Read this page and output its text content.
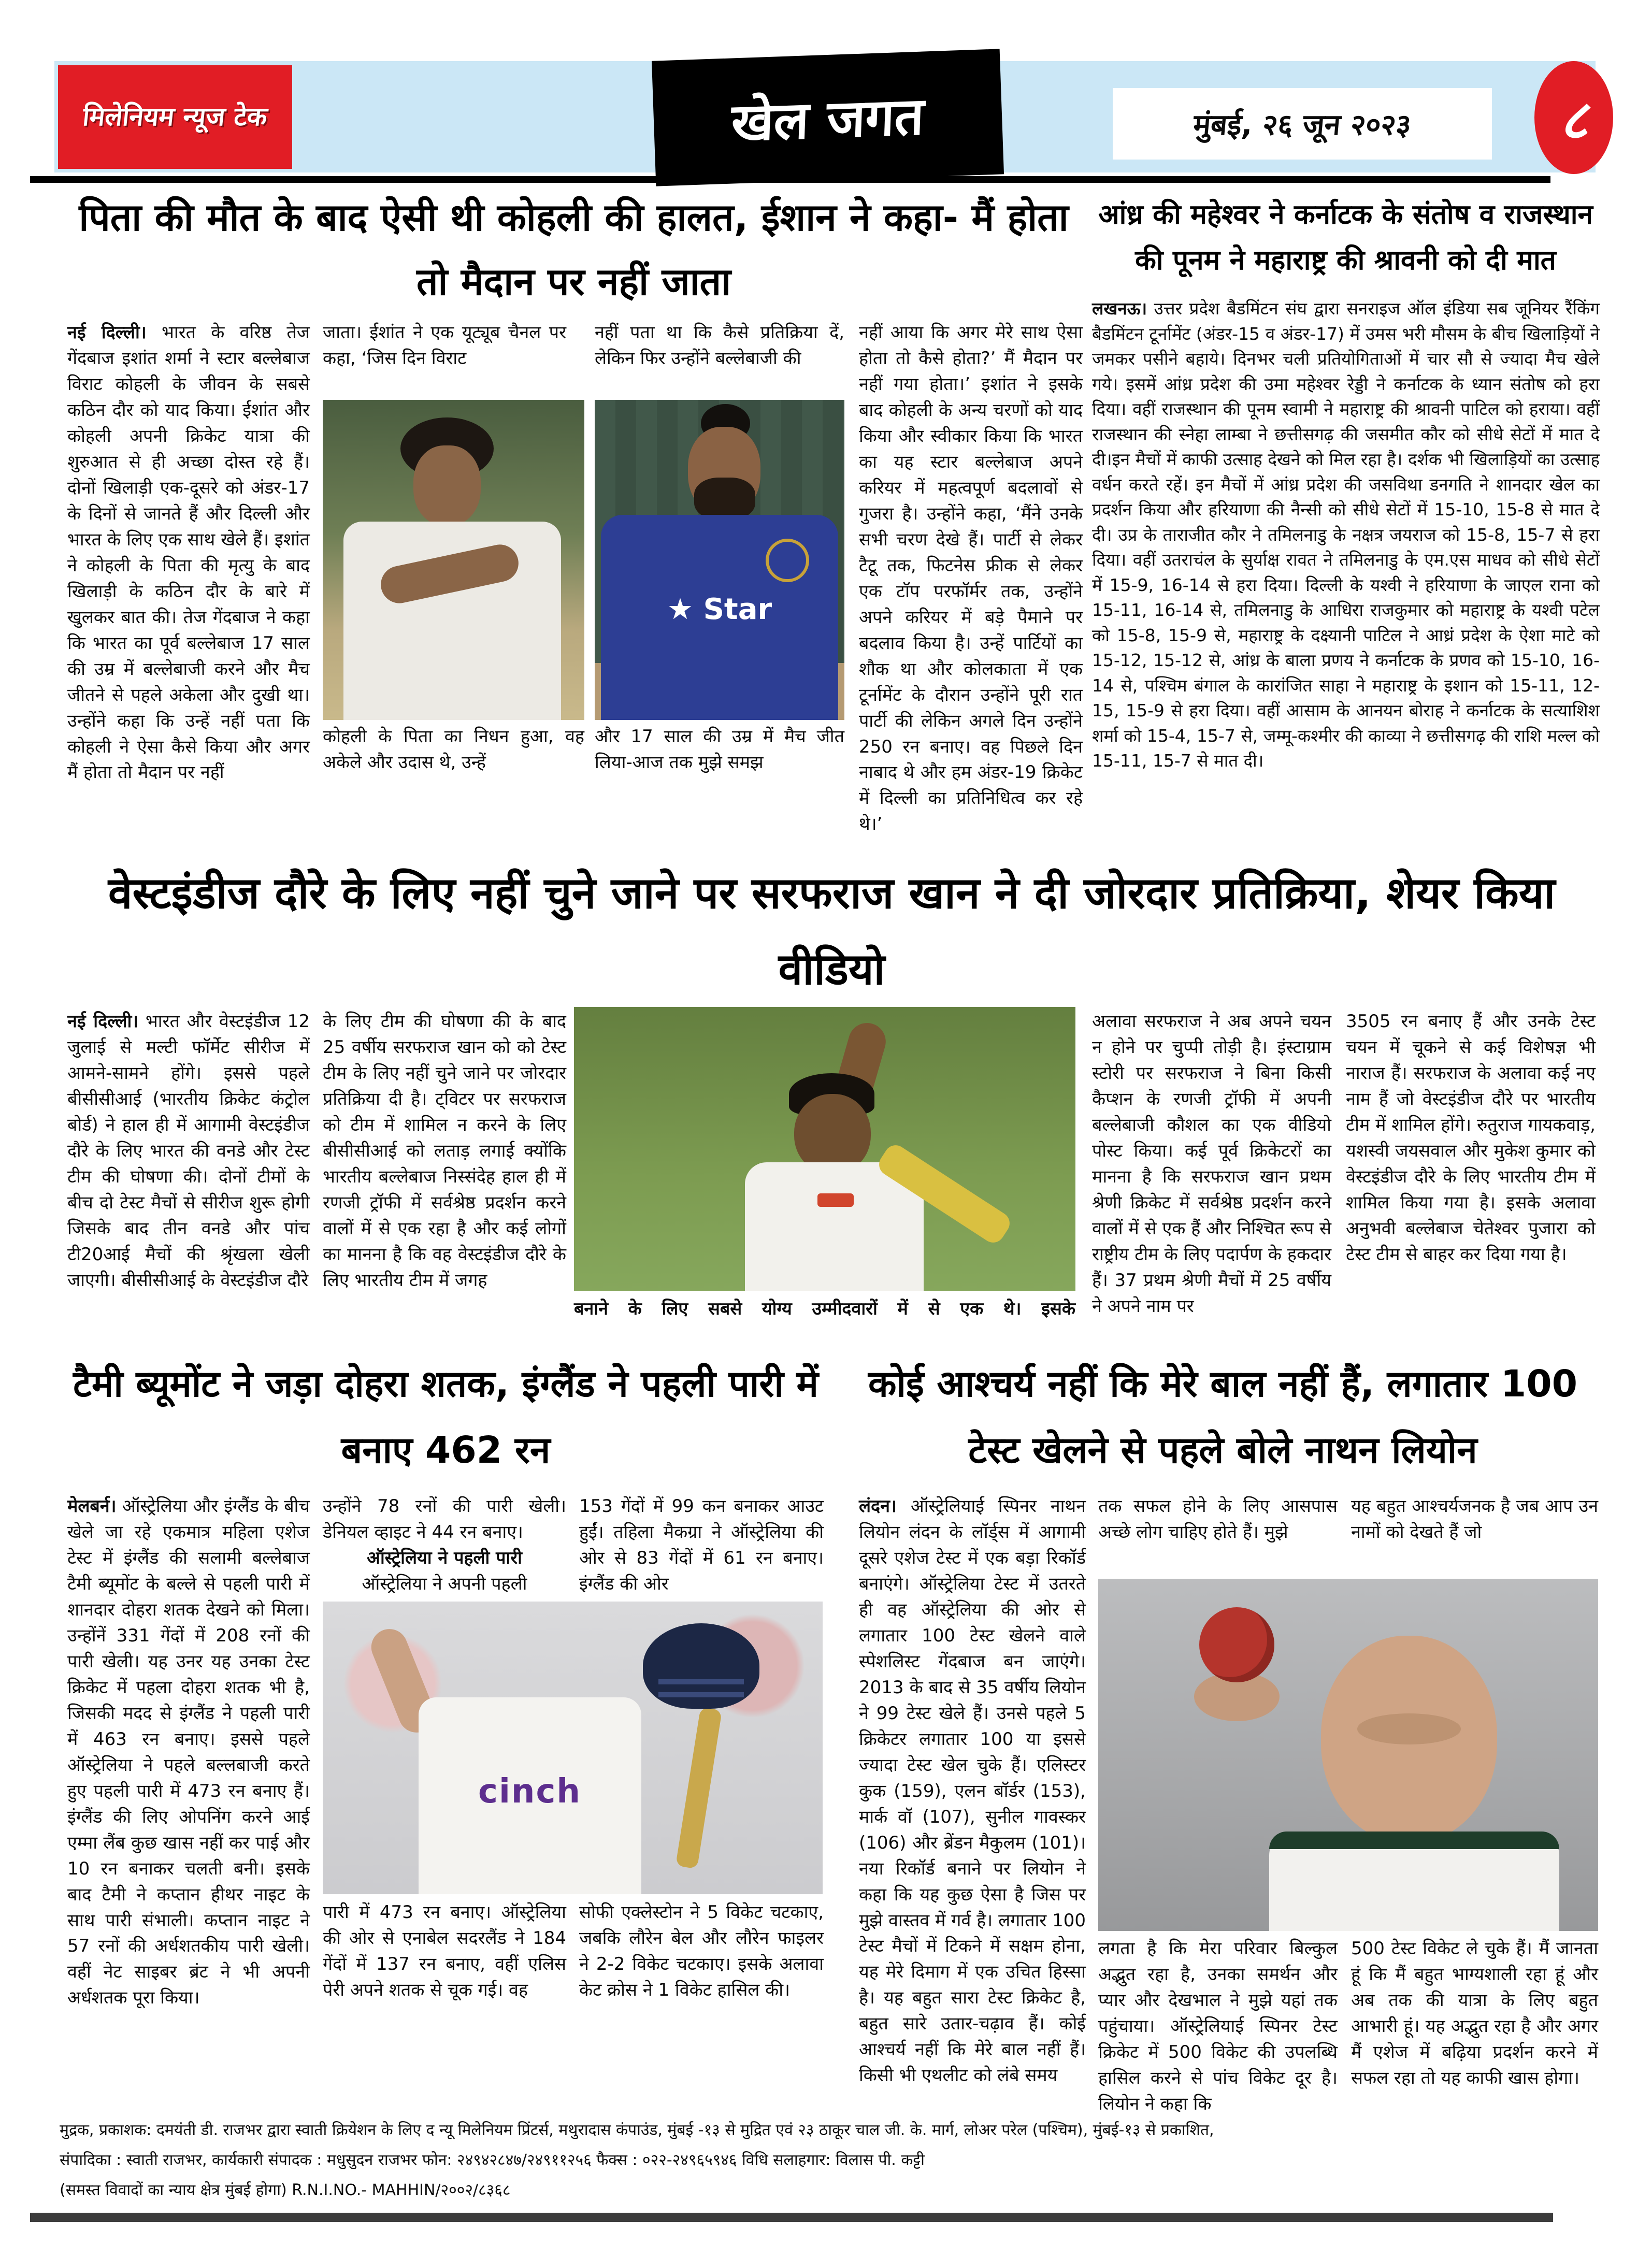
मिलेनियम न्यूज टेक	खेल जगत	मुंबई, २६ जून २०२३	८

पिता की मौत के बाद ऐसी थी कोहली की हालत, ईशान ने कहा- मैं होता तो मैदान पर नहीं जाता

नई दिल्ली। भारत के वरिष्ठ तेज गेंदबाज इशांत शर्मा ने स्टार बल्लेबाज विराट कोहली के जीवन के सबसे कठिन दौर को याद किया। ईशांत और कोहली अपनी क्रिकेट यात्रा की शुरुआत से ही अच्छा दोस्त रहे हैं। दोनों खिलाड़ी एक-दूसरे को अंडर-17 के दिनों से जानते हैं और दिल्ली और भारत के लिए एक साथ खेले हैं। इशांत ने कोहली के पिता की मृत्यु के बाद खिलाड़ी के कठिन दौर के बारे में खुलकर बात की। तेज गेंदबाज ने कहा कि भारत का पूर्व बल्लेबाज 17 साल की उम्र में बल्लेबाजी करने और मैच जीतने से पहले अकेला और दुखी था। उन्होंने कहा कि उन्हें नहीं पता कि कोहली ने ऐसा कैसे किया और अगर मैं होता तो मैदान पर नहीं

जाता। ईशांत ने एक यूट्यूब चैनल पर कहा, ‘जिस दिन विराट

कोहली के पिता का निधन हुआ, वह अकेले और उदास थे, उन्हें

नहीं पता था कि कैसे प्रतिक्रिया दें, लेकिन फिर उन्होंने बल्लेबाजी की

★ Star

और 17 साल की उम्र में मैच जीत लिया-आज तक मुझे समझ

नहीं आया कि अगर मेरे साथ ऐसा होता तो कैसे होता?’ मैं मैदान पर नहीं गया होता।’ इशांत ने इसके बाद कोहली के अन्य चरणों को याद किया और स्वीकार किया कि भारत का यह स्टार बल्लेबाज अपने करियर में महत्वपूर्ण बदलावों से गुजरा है। उन्होंने कहा, ‘मैंने उनके सभी चरण देखे हैं। पार्टी से लेकर टैटू तक, फिटनेस फ्रीक से लेकर एक टॉप परफॉर्मर तक, उन्होंने अपने करियर में बड़े पैमाने पर बदलाव किया है। उन्हें पार्टियों का शौक था और कोलकाता में एक टूर्नामेंट के दौरान उन्होंने पूरी रात पार्टी की लेकिन अगले दिन उन्होंने 250 रन बनाए। वह पिछले दिन नाबाद थे और हम अंडर-19 क्रिकेट में दिल्ली का प्रतिनिधित्व कर रहे थे।’

आंध्र की महेश्वर ने कर्नाटक के संतोष व राजस्थान की पूनम ने महाराष्ट्र की श्रावनी को दी मात

लखनऊ। उत्तर प्रदेश बैडमिंटन संघ द्वारा सनराइज ऑल इंडिया सब जूनियर रैंकिंग बैडमिंटन टूर्नामेंट (अंडर-15 व अंडर-17) में उमस भरी मौसम के बीच खिलाड़ियों ने जमकर पसीने बहाये। दिनभर चली प्रतियोगिताओं में चार सौ से ज्यादा मैच खेले गये। इसमें आंध्र प्रदेश की उमा महेश्वर रेड्डी ने कर्नाटक के ध्यान संतोष को हरा दिया। वहीं राजस्थान की पूनम स्वामी ने महाराष्ट्र की श्रावनी पाटिल को हराया। वहीं राजस्थान की स्नेहा लाम्बा ने छत्तीसगढ़ की जसमीत कौर को सीधे सेटों में मात दे दी।इन मैचों में काफी उत्साह देखने को मिल रहा है। दर्शक भी खिलाड़ियों का उत्साह वर्धन करते रहें। इन मैचों में आंध्र प्रदेश की जसविथा डनगति ने शानदार खेल का प्रदर्शन किया और हरियाणा की नैन्सी को सीधे सेटों में 15-10, 15-8 से मात दे दी। उप्र के ताराजीत कौर ने तमिलनाडु के नक्षत्र जयराज को 15-8, 15-7 से हरा दिया। वहीं उतराचंल के सुर्याक्ष रावत ने तमिलनाडु के एम.एस माधव को सीधे सेटों में 15-9, 16-14 से हरा दिया। दिल्ली के यश्वी ने हरियाणा के जाएल राना को 15-11, 16-14 से, तमिलनाडु के आधिरा राजकुमार को महाराष्ट्र के यश्वी पटेल को 15-8, 15-9 से, महाराष्ट्र के दक्ष्यानी पाटिल ने आध्रं प्रदेश के ऐशा माटे को 15-12, 15-12 से, आंध्र के बाला प्रणय ने कर्नाटक के प्रणव को 15-10, 16-14 से, पश्चिम बंगाल के कारांजित साहा ने महाराष्ट्र के इशान को 15-11, 12-15, 15-9 से हरा दिया। वहीं आसाम के आनयन बोराह ने कर्नाटक के सत्याशिश शर्मा को 15-4, 15-7 से, जम्मू-कश्मीर की काव्या ने छत्तीसगढ़ की राशि मल्ल को 15-11, 15-7 से मात दी।

वेस्टइंडीज दौरे के लिए नहीं चुने जाने पर सरफराज खान ने दी जोरदार प्रतिक्रिया, शेयर किया वीडियो

नई दिल्ली। भारत और वेस्टइंडीज 12 जुलाई से मल्टी फॉर्मेट सीरीज में आमने-सामने होंगे। इससे पहले बीसीसीआई (भारतीय क्रिकेट कंट्रोल बोर्ड) ने हाल ही में आगामी वेस्टइंडीज दौरे के लिए भारत की वनडे और टेस्ट टीम की घोषणा की। दोनों टीमों के बीच दो टेस्ट मैचों से सीरीज शुरू होगी जिसके बाद तीन वनडे और पांच टी20आई मैचों की श्रृंखला खेली जाएगी। बीसीसीआई के वेस्टइंडीज दौरे

के लिए टीम की घोषणा की के बाद 25 वर्षीय सरफराज खान को को टेस्ट टीम के लिए नहीं चुने जाने पर जोरदार प्रतिक्रिया दी है। ट्विटर पर सरफराज को टीम में शामिल न करने के लिए बीसीसीआई को लताड़ लगाई क्योंकि भारतीय बल्लेबाज निस्संदेह हाल ही में रणजी ट्रॉफी में सर्वश्रेष्ठ प्रदर्शन करने वालों में से एक रहा है और कई लोगों का मानना है कि वह वेस्टइंडीज दौरे के लिए भारतीय टीम में जगह

बनाने के लिए सबसे योग्य उम्मीदवारों में से एक थे। इसके

अलावा सरफराज ने अब अपने चयन न होने पर चुप्पी तोड़ी है। इंस्टाग्राम स्टोरी पर सरफराज ने बिना किसी कैप्शन के रणजी ट्रॉफी में अपनी बल्लेबाजी कौशल का एक वीडियो पोस्ट किया। कई पूर्व क्रिकेटरों का मानना है कि सरफराज खान प्रथम श्रेणी क्रिकेट में सर्वश्रेष्ठ प्रदर्शन करने वालों में से एक हैं और निश्चित रूप से राष्ट्रीय टीम के लिए पदार्पण के हकदार हैं। 37 प्रथम श्रेणी मैचों में 25 वर्षीय ने अपने नाम पर

3505 रन बनाए हैं और उनके टेस्ट चयन में चूकने से कई विशेषज्ञ भी नाराज हैं। सरफराज के अलावा कई नए नाम हैं जो वेस्टइंडीज दौरे पर भारतीय टीम में शामिल होंगे। रुतुराज गायकवाड़, यशस्वी जयसवाल और मुकेश कुमार को वेस्टइंडीज दौरे के लिए भारतीय टीम में शामिल किया गया है। इसके अलावा अनुभवी बल्लेबाज चेतेश्वर पुजारा को टेस्ट टीम से बाहर कर दिया गया है।

टैमी ब्यूमोंट ने जड़ा दोहरा शतक, इंग्लैंड ने पहली पारी में बनाए 462 रन

मेलबर्न। ऑस्ट्रेलिया और इंग्लैंड के बीच खेले जा रहे एकमात्र महिला एशेज टेस्ट में इंग्लैंड की सलामी बल्लेबाज टैमी ब्यूमोंट के बल्ले से पहली पारी में शानदार दोहरा शतक देखने को मिला। उन्होंनें 331 गेंदों में 208 रनों की पारी खेली। यह उनर यह उनका टेस्ट क्रिकेट में पहला दोहरा शतक भी है, जिसकी मदद से इंग्लैंड ने पहली पारी में 463 रन बनाए। इससे पहले ऑस्ट्रेलिया ने पहले बल्लबाजी करते हुए पहली पारी में 473 रन बनाए हैं।इंग्लैंड की लिए ओपनिंग करने आई एम्मा लैंब कुछ खास नहीं कर पाई और 10 रन बनाकर चलती बनी। इसके बाद टैमी ने कप्तान हीथर नाइट के साथ पारी संभाली। कप्तान नाइट ने 57 रनों की अर्धशतकीय पारी खेली। वहीं नेट साइबर ब्रंट ने भी अपनी अर्धशतक पूरा किया।

उन्होंने 78 रनों की पारी खेली। डेनियल व्हाइट ने 44 रन बनाए।

ऑस्ट्रेलिया ने पहली पारी

ऑस्ट्रेलिया ने अपनी पहली

cinch

पारी में 473 रन बनाए। ऑस्ट्रेलिया की ओर से एनाबेल सदरलैंड ने 184 गेंदों में 137 रन बनाए, वहीं एलिस पेरी अपने शतक से चूक गई। वह

153 गेंदों में 99 कन बनाकर आउट हुईं। तहिला मैकग्रा ने ऑस्ट्रेलिया की ओर से 83 गेंदों में 61 रन बनाए। इंग्लैंड की ओर

सोफी एक्लेस्टोन ने 5 विकेट चटकाए, जबकि लौरेन बेल और लौरेन फाइलर ने 2-2 विकेट चटकाए। इसके अलावा केट क्रोस ने 1 विकेट हासिल की।

कोई आश्चर्य नहीं कि मेरे बाल नहीं हैं, लगातार 100 टेस्ट खेलने से पहले बोले नाथन लियोन

लंदन। ऑस्ट्रेलियाई स्पिनर नाथन लियोन लंदन के लॉर्ड्स में आगामी दूसरे एशेज टेस्ट में एक बड़ा रिकॉर्ड बनाएंगे। ऑस्ट्रेलिया टेस्ट में उतरते ही वह ऑस्ट्रेलिया की ओर से लगातार 100 टेस्ट खेलने वाले स्पेशलिस्ट गेंदबाज बन जाएंगे। 2013 के बाद से 35 वर्षीय लियोन ने 99 टेस्ट खेले हैं। उनसे पहले 5 क्रिकेटर लगातार 100 या इससे ज्यादा टेस्ट खेल चुके हैं। एलिस्टर कुक (159), एलन बॉर्डर (153), मार्क वॉ (107), सुनील गावस्कर (106) और ब्रेंडन मैकुलम (101)। नया रिकॉर्ड बनाने पर लियोन ने कहा कि यह कुछ ऐसा है जिस पर मुझे वास्तव में गर्व है। लगातार 100 टेस्ट मैचों में टिकने में सक्षम होना, यह मेरे दिमाग में एक उचित हिस्सा है। यह बहुत सारा टेस्ट क्रिकेट है, बहुत सारे उतार-चढ़ाव हैं। कोई आश्चर्य नहीं कि मेरे बाल नहीं हैं। किसी भी एथलीट को लंबे समय

तक सफल होने के लिए आसपास अच्छे लोग चाहिए होते हैं। मुझे

लगता है कि मेरा परिवार बिल्कुल अद्भुत रहा है, उनका समर्थन और प्यार और देखभाल ने मुझे यहां तक पहुंचाया। ऑस्ट्रेलियाई स्पिनर टेस्ट क्रिकेट में 500 विकेट की उपलब्धि हासिल करने से पांच विकेट दूर है। लियोन ने कहा कि

यह बहुत आश्चर्यजनक है जब आप उन नामों को देखते हैं जो

500 टेस्ट विकेट ले चुके हैं। मैं जानता हूं कि मैं बहुत भाग्यशाली रहा हूं और अब तक की यात्रा के लिए बहुत आभारी हूं। यह अद्भुत रहा है और अगर मैं एशेज में बढ़िया प्रदर्शन करने में सफल रहा तो यह काफी खास होगा।

मुद्रक, प्रकाशक: दमयंती डी. राजभर द्वारा स्वाती क्रियेशन के लिए द न्यू मिलेनियम प्रिंटर्स, मथुरादास कंपाउंड, मुंबई -१३ से मुद्रित एवं २३ ठाकूर चाल जी. के. मार्ग, लोअर परेल (पश्चिम), मुंबई-१३ से प्रकाशित,
संपादिका : स्वाती राजभर, कार्यकारी संपादक : मधुसुदन राजभर फोन: २४९४२८४७/२४९११२५६ फैक्स : ०२२-२४९६५९४६ विधि सलाहगार: विलास पी. कट्टी
(समस्त विवादों का न्याय क्षेत्र मुंबई होगा) R.N.I.NO.- MAHHIN/२००२/८३६८
